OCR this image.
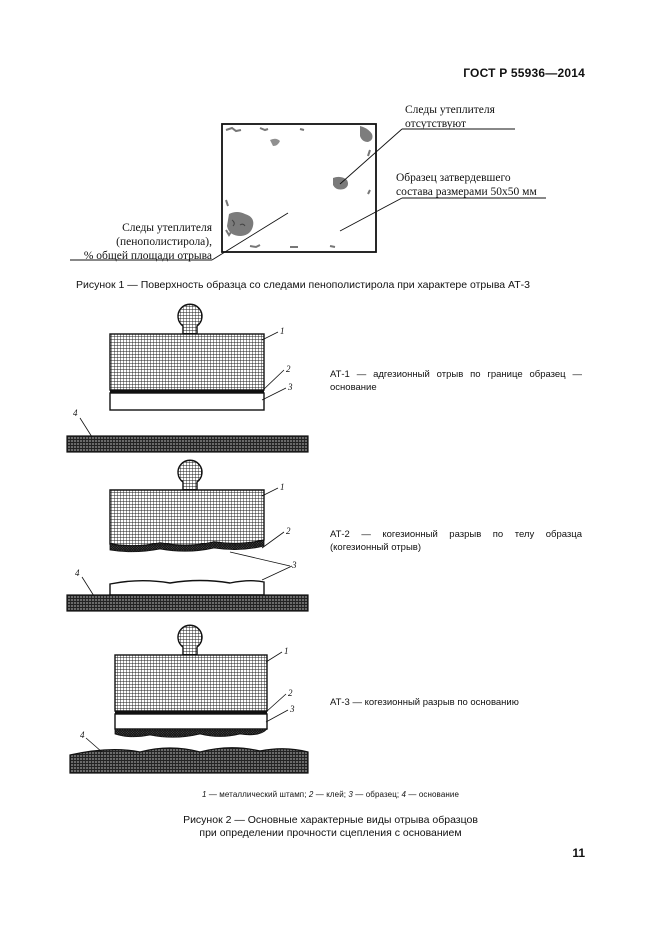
ГОСТ Р 55936—2014
Следы утеплителя
отсутствуют
Образец затвердевшего
состава размерами 50х50 мм
Следы утеплителя
(пенополистирола),
% общей площади отрыва
Рисунок 1 — Поверхность образца со следами пенополистирола при характере отрыва АТ-3
1
2
3
4
1
2
3
4
1
2
3
4
АТ-1 — адгезионный отрыв по границе образец — основание
АТ-2 — когезионный разрыв по телу образца (когезионный отрыв)
АТ-3 — когезионный разрыв по основанию
1 — металлический штамп; 2 — клей; 3 — образец; 4 — основание
Рисунок 2 — Основные характерные виды отрыва образцов
при определении прочности сцепления с основанием
11
